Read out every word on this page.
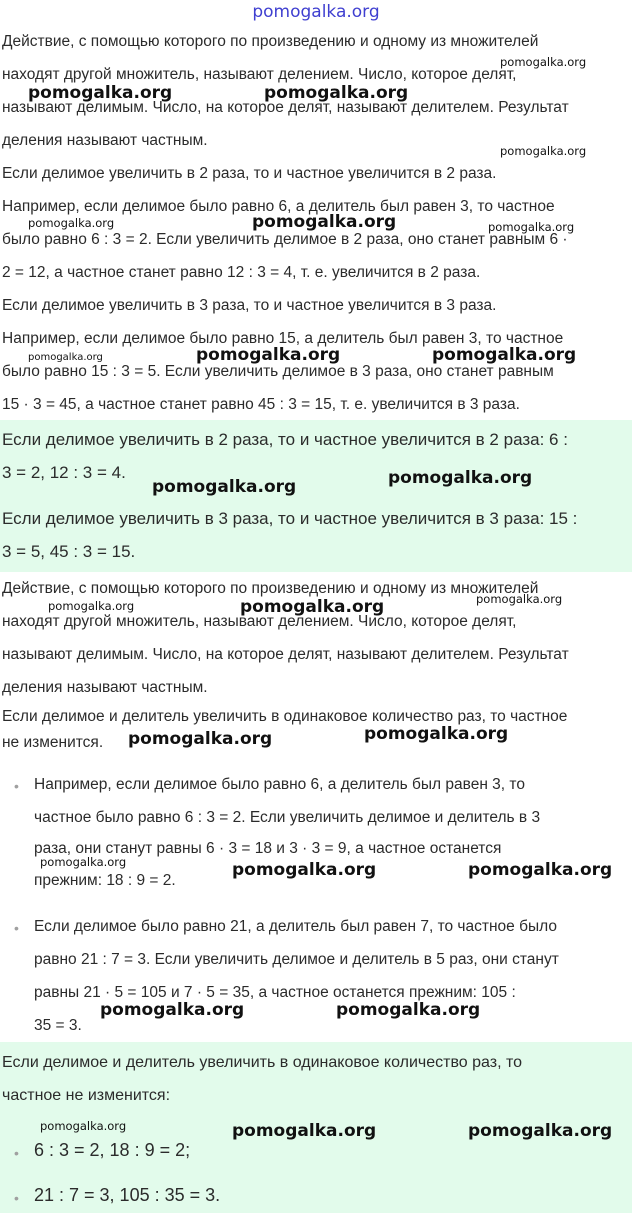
pomogalka.org

Действие, с помощью которого по произведению и одному из множителей

находят другой множитель, называют делением. Число, которое делят,

называют делимым. Число, на которое делят, называют делителем. Результат

деления называют частным.

Если делимое увеличить в 2 раза, то и частное увеличится в 2 раза.

Например, если делимое было равно 6, а делитель был равен 3, то частное

было равно 6 : 3 = 2. Если увеличить делимое в 2 раза, оно станет равным 6 ·

2 = 12, а частное станет равно 12 : 3 = 4, т. е. увеличится в 2 раза.

Если делимое увеличить в 3 раза, то и частное увеличится в 3 раза.

Например, если делимое было равно 15, а делитель был равен 3, то частное

было равно 15 : 3 = 5. Если увеличить делимое в 3 раза, оно станет равным

15 · 3 = 45, а частное станет равно 45 : 3 = 15, т. е. увеличится в 3 раза.

Если делимое увеличить в 2 раза, то и частное увеличится в 2 раза: 6 :

3 = 2, 12 : 3 = 4.

Если делимое увеличить в 3 раза, то и частное увеличится в 3 раза: 15 :

3 = 5, 45 : 3 = 15.

Действие, с помощью которого по произведению и одному из множителей

находят другой множитель, называют делением. Число, которое делят,

называют делимым. Число, на которое делят, называют делителем. Результат

деления называют частным.

Если делимое и делитель увеличить в одинаковое количество раз, то частное

не изменится.

• Например, если делимое было равно 6, а делитель был равен 3, то

частное было равно 6 : 3 = 2. Если увеличить делимое и делитель в 3

раза, они станут равны 6 · 3 = 18 и 3 · 3 = 9, а частное останется

прежним: 18 : 9 = 2.

• Если делимое было равно 21, а делитель был равен 7, то частное было

равно 21 : 7 = 3. Если увеличить делимое и делитель в 5 раз, они станут

равны 21 · 5 = 105 и 7 · 5 = 35, а частное останется прежним: 105 :

35 = 3.

Если делимое и делитель увеличить в одинаковое количество раз, то

частное не изменится:

• 6 : 3 = 2, 18 : 9 = 2;

• 21 : 7 = 3, 105 : 35 = 3.

pomogalka.org	pomogalka.org
pomogalka.org
pomogalka.org
pomogalka.org	pomogalka.org	pomogalka.org
pomogalka.org	pomogalka.org	pomogalka.org
pomogalka.org	pomogalka.org
pomogalka.org	pomogalka.org	pomogalka.org
pomogalka.org	pomogalka.org
pomogalka.org	pomogalka.org	pomogalka.org
pomogalka.org	pomogalka.org
pomogalka.org	pomogalka.org	pomogalka.org
